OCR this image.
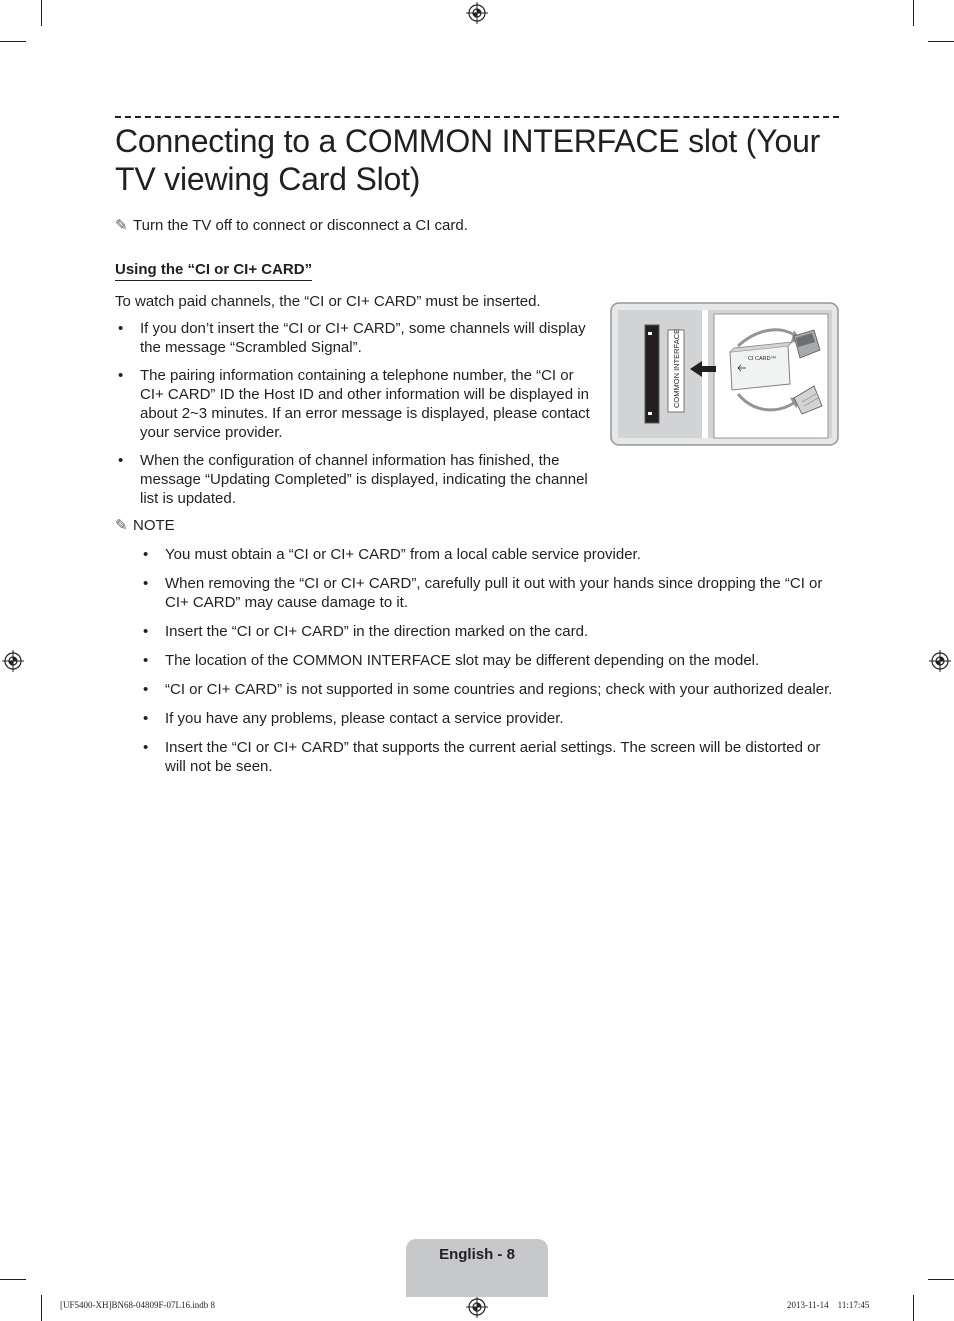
Connecting to a COMMON INTERFACE slot (Your TV viewing Card Slot)

✎ Turn the TV off to connect or disconnect a CI card.

Using the “CI or CI+ CARD”

To watch paid channels, the “CI or CI+ CARD” must be inserted.

• If you don’t insert the “CI or CI+ CARD”, some channels will display the message “Scrambled Signal”.
• The pairing information containing a telephone number, the “CI or CI+ CARD” ID the Host ID and other information will be displayed in about 2~3 minutes. If an error message is displayed, please contact your service provider.
• When the configuration of channel information has finished, the message “Updating Completed” is displayed, indicating the channel list is updated.
COMMON INTERFACE	CI CARD™

✎ NOTE

• You must obtain a “CI or CI+ CARD” from a local cable service provider.
• When removing the “CI or CI+ CARD”, carefully pull it out with your hands since dropping the “CI or CI+ CARD” may cause damage to it.
• Insert the “CI or CI+ CARD” in the direction marked on the card.
• The location of the COMMON INTERFACE slot may be different depending on the model.
• “CI or CI+ CARD” is not supported in some countries and regions; check with your authorized dealer.
• If you have any problems, please contact a service provider.
• Insert the “CI or CI+ CARD” that supports the current aerial settings. The screen will be distorted or will not be seen.
English - 8
[UF5400-XH]BN68-04809F-07L16.indb 8	2013-11-14    11:17:45
